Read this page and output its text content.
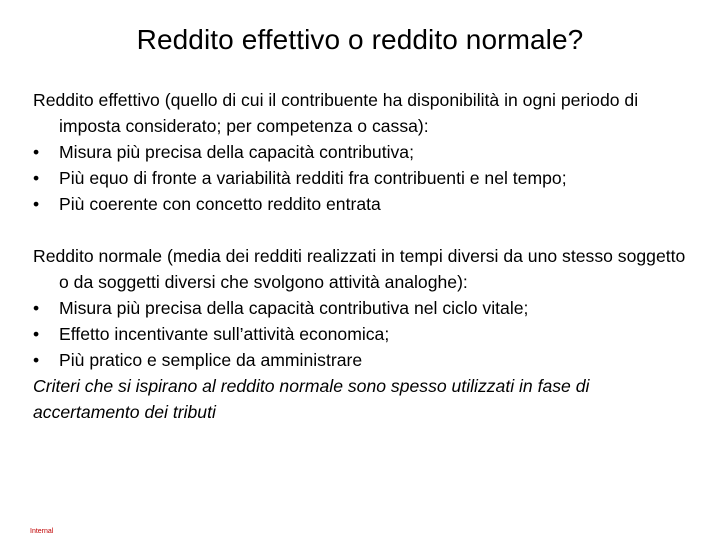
Reddito effettivo o reddito normale?

Reddito effettivo (quello di cui il contribuente ha disponibilità in ogni periodo di imposta considerato; per competenza o cassa):

•	Misura più precisa della capacità contributiva;
•	Più equo di fronte a variabilità redditi fra contribuenti e nel tempo;
•	Più coerente con concetto reddito entrata

Reddito normale (media dei redditi realizzati in tempi diversi da uno stesso soggetto o da soggetti diversi che svolgono attività analoghe):

•	Misura più precisa della capacità contributiva nel ciclo vitale;
•	Effetto incentivante sull’attività economica;
•	Più pratico e semplice da amministrare

Criteri che si ispirano al reddito normale sono spesso utilizzati in fase di accertamento dei tributi

Internal
